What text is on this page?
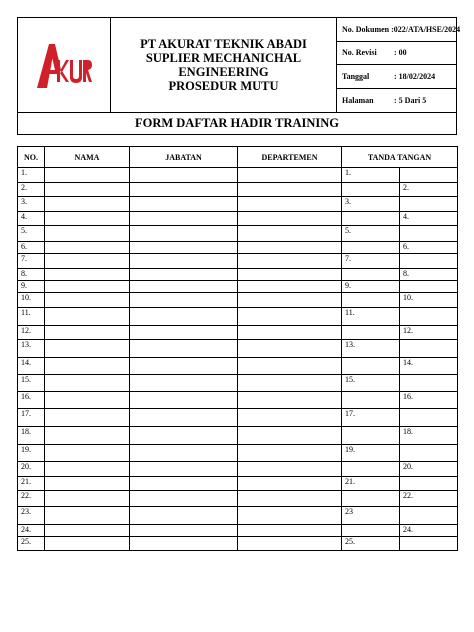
PT AKURAT TEKNIK ABADI
SUPLIER MECHANICHAL
ENGINEERING
PROSEDUR MUTU
No. Dokumen : 022/ATA/HSE/2024
No. Revisi	: 00
Tanggal	: 18/02/2024
Halaman	: 5 Dari 5
FORM DAFTAR HADIR TRAINING
NO.	NAMA	JABATAN	DEPARTEMEN	TANDA TANGAN	
1.				1.	
2.					2.
3.				3.	
4.					4.
5.				5.	
6.					6.
7.				7.	
8.					8.
9.				9.	
10.					10.
11.				11.	
12.					12.
13.				13.	
14.					14.
15.				15.	
16.					16.
17.				17.	
18.					18.
19.				19.	
20.					20.
21.				21.	
22.					22.
23.				23	
24.					24.
25.				25.	
